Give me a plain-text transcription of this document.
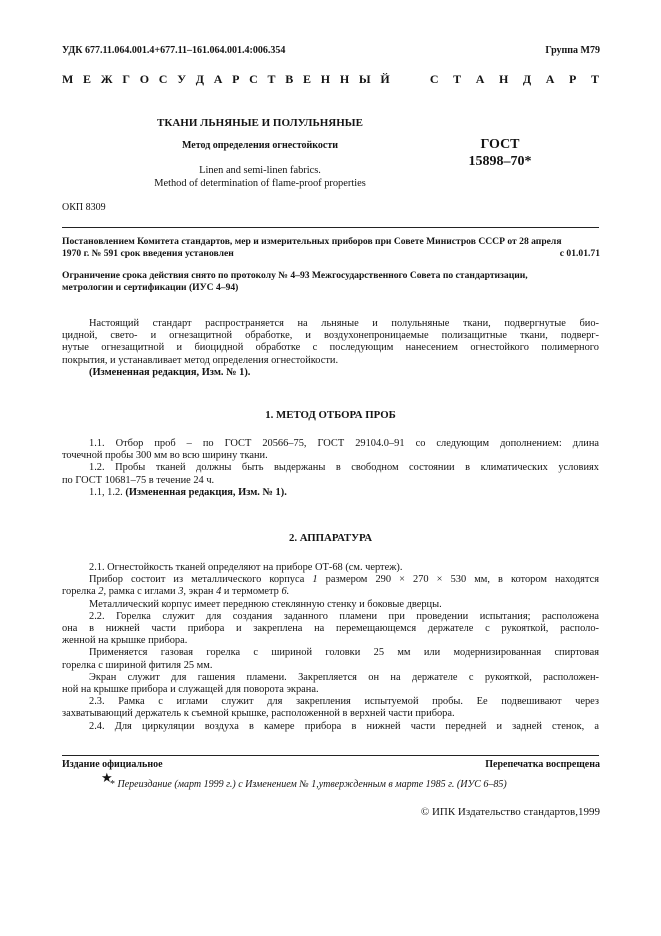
УДК 677.11.064.001.4+677.11–161.064.001.4:006.354	Группа М79
М Е Ж Г О С У Д А Р С Т В Е Н Н Ы Й	С Т А Н Д А Р Т
ТКАНИ ЛЬНЯНЫЕ И ПОЛУЛЬНЯНЫЕ
Метод определения огнестойкости
Linen and semi-linen fabrics.
Method of determination of flame-proof properties
ГОСТ
15898–70*
ОКП 8309
Постановлением Комитета стандартов, мер и измерительных приборов при Совете Министров СССР от 28 апреля
1970 г. № 591 срок введения установлен	с 01.01.71
Ограничение срока действия снято по протоколу № 4–93 Межгосударственного Совета по стандартизации,
метрологии и сертификации (ИУС 4–94)
Настоящий стандарт распространяется на льняные и полульняные ткани, подвергнутые био-
цидной, свето- и огнезащитной обработке, и воздухонепроницаемые полизащитные ткани, подверг-
нутые огнезащитной и биоцидной обработке с последующим нанесением огнестойкого полимерного
покрытия, и устанавливает метод определения огнестойкости.
(Измененная редакция, Изм. № 1).
1. МЕТОД ОТБОРА ПРОБ
1.1. Отбор проб – по ГОСТ 20566–75, ГОСТ 29104.0–91 со следующим дополнением: длина
точечной пробы 300 мм во всю ширину ткани.
1.2. Пробы тканей должны быть выдержаны в свободном состоянии в климатических условиях
по ГОСТ 10681–75 в течение 24 ч.
1.1, 1.2. (Измененная редакция, Изм. № 1).
2. АППАРАТУРА
2.1. Огнестойкость тканей определяют на приборе ОТ-68 (см. чертеж).
Прибор состоит из металлического корпуса 1 размером 290 × 270 × 530 мм, в котором находятся
горелка 2, рамка с иглами 3, экран 4 и термометр 6.
Металлический корпус имеет переднюю стеклянную стенку и боковые дверцы.
2.2. Горелка служит для создания заданного пламени при проведении испытания; расположена
она в нижней части прибора и закреплена на перемещающемся держателе с рукояткой, располо-
женной на крышке прибора.
Применяется газовая горелка с шириной головки 25 мм или модернизированная спиртовая
горелка с шириной фитиля 25 мм.
Экран служит для гашения пламени. Закрепляется он на держателе с рукояткой, расположен-
ной на крышке прибора и служащей для поворота экрана.
2.3. Рамка с иглами служит для закрепления испытуемой пробы. Ее подвешивают через
захватывающий держатель к съемной крышке, расположенной в верхней части прибора.
2.4. Для циркуляции воздуха в камере прибора в нижней части передней и задней стенок, а
Издание официальное	Перепечатка воспрещена
★
* Переиздание (март 1999 г.) с Изменением № 1,утвержденным в марте 1985 г. (ИУС 6–85)
© ИПК Издательство стандартов,1999
